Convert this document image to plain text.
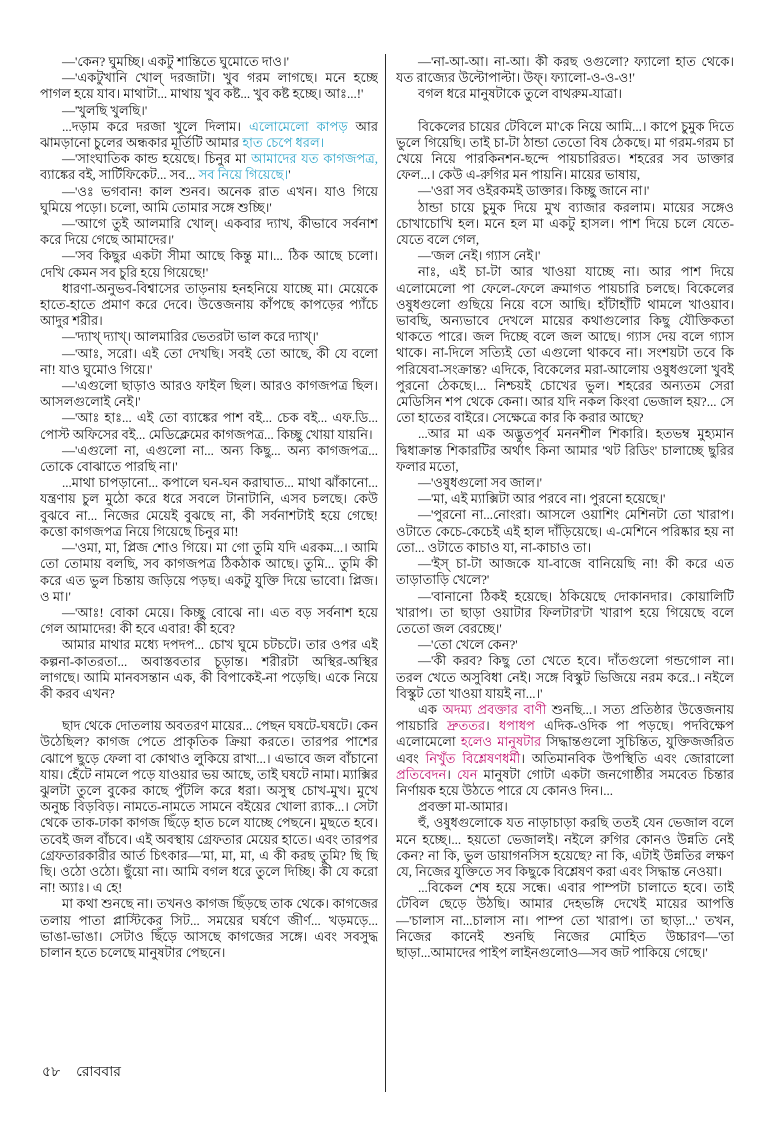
—'কেন? ঘুমচ্ছি। একটু শান্তিতে ঘুমোতে দাও।'

—'একটুখানি খোল্ দরজাটা। খুব গরম লাগছে। মনে হচ্ছে পাগল হয়ে যাব। মাথাটা... মাথায় খুব কষ্ট... খুব কষ্ট হচ্ছে। আঃ...!'

—'খুলছি খুলছি।'

...দড়াম করে দরজা খুলে দিলাম। এলোমেলো কাপড় আর ঝামড়ানো চুলের অন্ধকার মূর্তিটি আমার হাত চেপে ধরল।

—'সাংঘাতিক কান্ড হয়েছে। চিনুর মা আমাদের যত কাগজপত্র, ব্যাঙ্কের বই, সার্টিফিকেট... সব... সব নিয়ে গিয়েছে।'

—'ওঃ ভগবান! কাল শুনব। অনেক রাত এখন। যাও গিয়ে ঘুমিয়ে পড়ো। চলো, আমি তোমার সঙ্গে শুচ্ছি।'

—'আগে তুই আলমারি খোল্। একবার দ্যাখ, কীভাবে সর্বনাশ করে দিয়ে গেছে আমাদের।'

—'সব কিছুর একটা সীমা আছে কিন্তু মা।... ঠিক আছে চলো। দেখি কেমন সব চুরি হয়ে গিয়েছে!'

ধারণা-অনুভব-বিশ্বাসের তাড়নায় হনহনিয়ে যাচ্ছে মা। মেয়েকে হাতে-হাতে প্রমাণ করে দেবে। উত্তেজনায় কাঁপছে কাপড়ের প্যাঁচে আদুর শরীর।

—'দ্যাখ্ দ্যাখ্। আলমারির ভেতরটা ভাল করে দ্যাখ্।'

—'আঃ, সরো। এই তো দেখছি। সবই তো আছে, কী যে বলো না! যাও ঘুমোও গিয়ে।'

—'এগুলো ছাড়াও আরও ফাইল ছিল। আরও কাগজপত্র ছিল। আসলগুলোই নেই।'

—'আঃ হাঃ... এই তো ব্যাঙ্কের পাশ বই... চেক বই... এফ.ডি... পোস্ট অফিসের বই... মেডিক্লেমের কাগজপত্র... কিচ্ছু খোয়া যায়নি।

—'এগুলো না, এগুলো না... অন্য কিছু... অন্য কাগজপত্র... তোকে বোঝাতে পারছি না।'

...মাথা চাপড়ানো... কপালে ঘন-ঘন করাঘাত... মাথা ঝাঁকানো... যন্ত্রণায় চুল মুঠো করে ধরে সবলে টানাটানি, এসব চলছে। কেউ বুঝবে না... নিজের মেয়েই বুঝছে না, কী সর্বনাশটাই হয়ে গেছে! কত্তো কাগজপত্র নিয়ে গিয়েছে চিনুর মা!

—'ওমা, মা, প্লিজ শোও গিয়ে। মা গো তুমি যদি এরকম...। আমি তো তোমায় বলছি, সব কাগজপত্র ঠিকঠাক আছে। তুমি... তুমি কী করে এত ভুল চিন্তায় জড়িয়ে পড়ছ। একটু যুক্তি দিয়ে ভাবো। প্লিজ। ও মা।'

—'আঃ! বোকা মেয়ে। কিচ্ছু বোঝে না। এত বড় সর্বনাশ হয়ে গেল আমাদের! কী হবে এবার! কী হবে?

আমার মাথার মধ্যে দপদপ... চোখ ঘুমে চটচটে। তার ওপর এই কল্পনা-কাতরতা... অবাস্তবতার চূড়ান্ত। শরীরটা অস্থির-অস্থির লাগছে। আমি মানবসন্তান এক, কী বিপাকেই-না পড়েছি। একে নিয়ে কী করব এখন?

ছাদ থেকে দোতলায় অবতরণ মায়ের... পেছন ঘষটে-ঘষটে। কেন উঠেছিল? কাগজ পেতে প্রাকৃতিক ক্রিয়া করতে। তারপর পাশের ঝোপে ছুড়ে ফেলা বা কোথাও লুকিয়ে রাখা...। এভাবে জল বাঁচানো যায়। হেঁটে নামলে পড়ে যাওয়ার ভয় আছে, তাই ঘষটে নামা। ম্যাক্সির ঝুলটা তুলে বুকের কাছে পুঁটলি করে ধরা। অসুস্থ চোখ-মুখ। মুখে অনুচ্চ বিড়বিড়। নামতে-নামতে সামনে বইয়ের খোলা র‍্যাক...। সেটা থেকে তাক-ঢাকা কাগজ ছিঁড়ে হাত চলে যাচ্ছে পেছনে। মুছতে হবে। তবেই জল বাঁচবে। এই অবস্থায় গ্রেফতার মেয়ের হাতে। এবং তারপর গ্রেফতারকারীর আর্ত চিৎকার—'মা, মা, মা, এ কী করছ তুমি? ছি ছি ছি। ওঠো ওঠো। ছুঁয়ো না। আমি বগল ধরে তুলে দিচ্ছি। কী যে করো না! অ্যাঃ। এ হে!

মা কথা শুনছে না। তখনও কাগজ ছিঁড়ছে তাক থেকে। কাগজের তলায় পাতা প্লাস্টিকের সিট... সময়ের ঘর্ষণে জীর্ণ... খড়মড়ে... ভাঙা-ভাঙা। সেটাও ছিঁড়ে আসছে কাগজের সঙ্গে। এবং সবসুদ্ধ চালান হতে চলেছে মানুষটার পেছনে।

—'না-আ-আ। না-আ। কী করছ ওগুলো? ফ্যালো হাত থেকে। যত রাজ্যের উল্টোপাল্টা। উফ্। ফ্যালো-ও-ও-ও!'

বগল ধরে মানুষটাকে তুলে বাথরুম-যাত্রা।

বিকেলের চায়ের টেবিলে মা'কে নিয়ে আমি...। কাপে চুমুক দিতে ভুলে গিয়েছি। তাই চা-টা ঠান্ডা তেতো বিষ ঠেকছে। মা গরম-গরম চা খেয়ে নিয়ে পারকিনশন-ছন্দে পায়চারিরত। শহরের সব ডাক্তার ফেল...। কেউ এ-রুগির মন পায়নি। মায়ের ভাষায়,

—'ওরা সব ওইরকমই ডাক্তার। কিচ্ছু জানে না।'

ঠান্ডা চায়ে চুমুক দিয়ে মুখ ব্যাজার করলাম। মায়ের সঙ্গেও চোখাচোখি হল। মনে হল মা একটু হাসল। পাশ দিয়ে চলে যেতে-যেতে বলে গেল,

—'জল নেই। গ্যাস নেই।'

নাঃ, এই চা-টা আর খাওয়া যাচ্ছে না। আর পাশ দিয়ে এলোমেলো পা ফেলে-ফেলে ক্রমাগত পায়চারি চলছে। বিকেলের ওষুধগুলো গুছিয়ে নিয়ে বসে আছি। হাঁটাহাঁটি থামলে খাওয়াব। ভাবছি, অন্যভাবে দেখলে মায়ের কথাগুলোর কিছু যৌক্তিকতা থাকতে পারে। জল দিচ্ছে বলে জল আছে। গ্যাস দেয় বলে গ্যাস থাকে। না-দিলে সত্যিই তো এগুলো থাকবে না। সংশয়টা তবে কি পরিষেবা-সংক্রান্ত? এদিকে, বিকেলের মরা-আলোয় ওষুধগুলো খুবই পুরনো ঠেকছে।... নিশ্চয়ই চোখের ভুল। শহরের অন্যতম সেরা মেডিসিন শপ থেকে কেনা। আর যদি নকল কিংবা ভেজাল হয়?... সে তো হাতের বাইরে। সেক্ষেত্রে কার কি করার আছে?

...আর মা এক অদ্ভুতপূর্ব মননশীল শিকারি। হতভম্ব মুহ্যমান দ্বিধাক্রান্ত শিকারটির অর্থাৎ কিনা আমার 'থট রিডিং' চালাচ্ছে ছুরির ফলার মতো,

—'ওষুধগুলো সব জাল।'

—'মা, এই ম্যাক্সিটা আর পরবে না। পুরনো হয়েছে।'

—'পুরনো না...নোংরা। আসলে ওয়াশিং মেশিনটা তো খারাপ। ওটাতে কেচে-কেচেই এই হাল দাঁড়িয়েছে। এ-মেশিনে পরিষ্কার হয় না তো... ওটাতে কাচাও যা, না-কাচাও তা।

—'ইস্ চা-টা আজকে যা-বাজে বানিয়েছি না! কী করে এত তাড়াতাড়ি খেলে?'

—'বানানো ঠিকই হয়েছে। ঠকিয়েছে দোকানদার। কোয়ালিটি খারাপ। তা ছাড়া ওয়াটার ফিলটার'টা খারাপ হয়ে গিয়েছে বলে তেতো জল বেরচ্ছে।'

—'তো খেলে কেন?'

—'কী করব? কিছু তো খেতে হবে। দাঁতগুলো গন্ডগোল না। তরল খেতে অসুবিধা নেই। সঙ্গে বিস্কুট ভিজিয়ে নরম করে..। নইলে বিস্কুট তো খাওয়া যায়ই না...।'

এক অদম্য প্রবক্তার বাণী শুনছি...। সত্য প্রতিষ্ঠার উত্তেজনায় পায়চারি দ্রুততর। ধপাধপ এদিক-ওদিক পা পড়ছে। পদবিক্ষেপ এলোমেলো হলেও মানুষটার সিদ্ধান্তগুলো সুচিন্তিত, যুক্তিজর্জরিত এবং নিখুঁত বিশ্লেষণধর্মী। অতিমানবিক উপস্থিতি এবং জোরালো প্রতিবেদন। যেন মানুষটা গোটা একটা জনগোষ্ঠীর সমবেত চিন্তার নির্ণায়ক হয়ে উঠতে পারে যে কোনও দিন।...

প্রবক্তা মা-আমার।

হুঁ, ওষুধগুলোকে যত নাড়াচাড়া করছি ততই যেন ভেজাল বলে মনে হচ্ছে।... হয়তো ভেজালই। নইলে রুগির কোনও উন্নতি নেই কেন? না কি, ভুল ডায়াগনসিস হয়েছে? না কি, এটাই উন্নতির লক্ষণ যে, নিজের যুক্তিতে সব কিছুকে বিশ্লেষণ করা এবং সিদ্ধান্ত নেওয়া।

...বিকেল শেষ হয়ে সন্ধে। এবার পাম্পটা চালাতে হবে। তাই টেবিল ছেড়ে উঠছি। আমার দেহভঙ্গি দেখেই মায়ের আপত্তি—'চালাস না...চালাস না। পাম্প তো খারাপ। তা ছাড়া...' তখন, নিজের কানেই শুনছি নিজের মোহিত উচ্চারণ—'তা ছাড়া...আমাদের পাইপ লাইনগুলোও—সব জট পাকিয়ে গেছে।'

৫৮ রোববার
